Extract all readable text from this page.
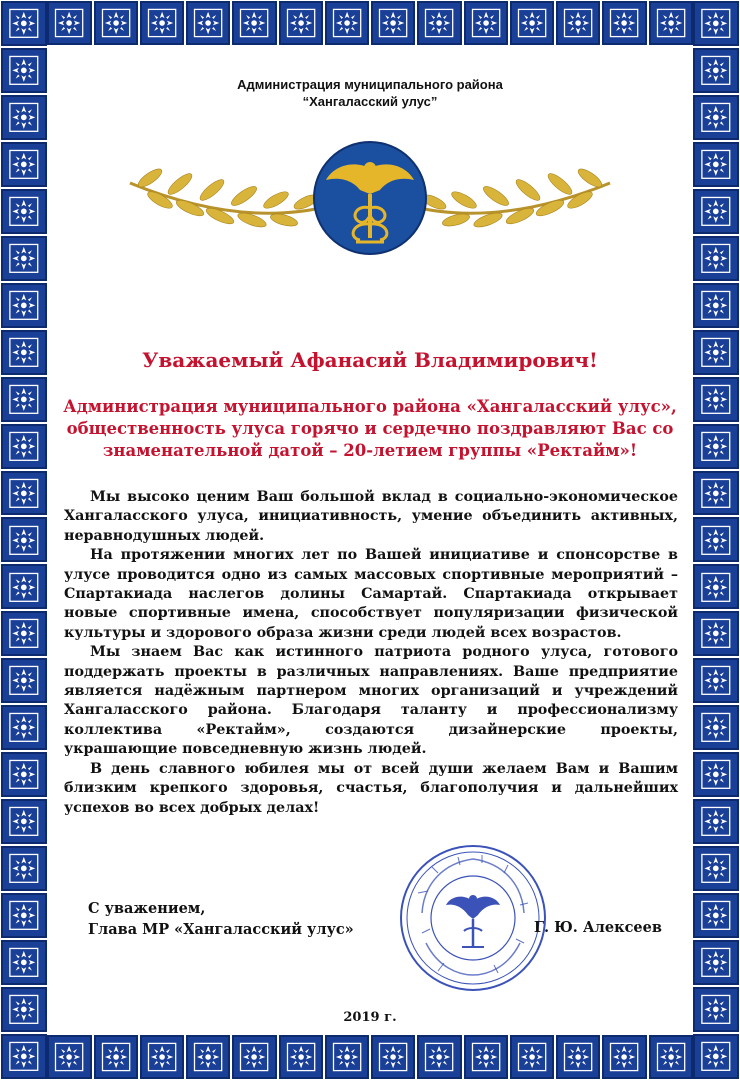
Администрация муниципального района
“Хангаласский улус”
Уважаемый Афанасий Владимирович!
Администрация муниципального района «Хангаласский улус»,
общественность улуса горячо и сердечно поздравляют Вас со
знаменательной датой – 20-летием группы «Ректайм»!

Мы высоко ценим Ваш большой вклад в социально-экономическое Хангаласского улуса, инициативность, умение объединить активных, неравнодушных людей.

На протяжении многих лет по Вашей инициативе и спонсорстве в улусе проводится одно из самых массовых спортивные мероприятий – Спартакиада наслегов долины Самартай. Спартакиада открывает новые спортивные имена, способствует популяризации физической культуры и здорового образа жизни среди людей всех возрастов.

Мы знаем Вас как истинного патриота родного улуса, готового поддержать проекты в различных направлениях. Ваше предприятие является надёжным партнером многих организаций и учреждений Хангаласского района. Благодаря таланту и профессионализму коллектива «Ректайм», создаются дизайнерские проекты, украшающие повседневную жизнь людей.

В день славного юбилея мы от всей души желаем Вам и Вашим близким крепкого здоровья, счастья, благополучия и дальнейших успехов во всех добрых делах!

С уважением,
Глава МР «Хангаласский улус»	Г. Ю. Алексеев
2019 г.
